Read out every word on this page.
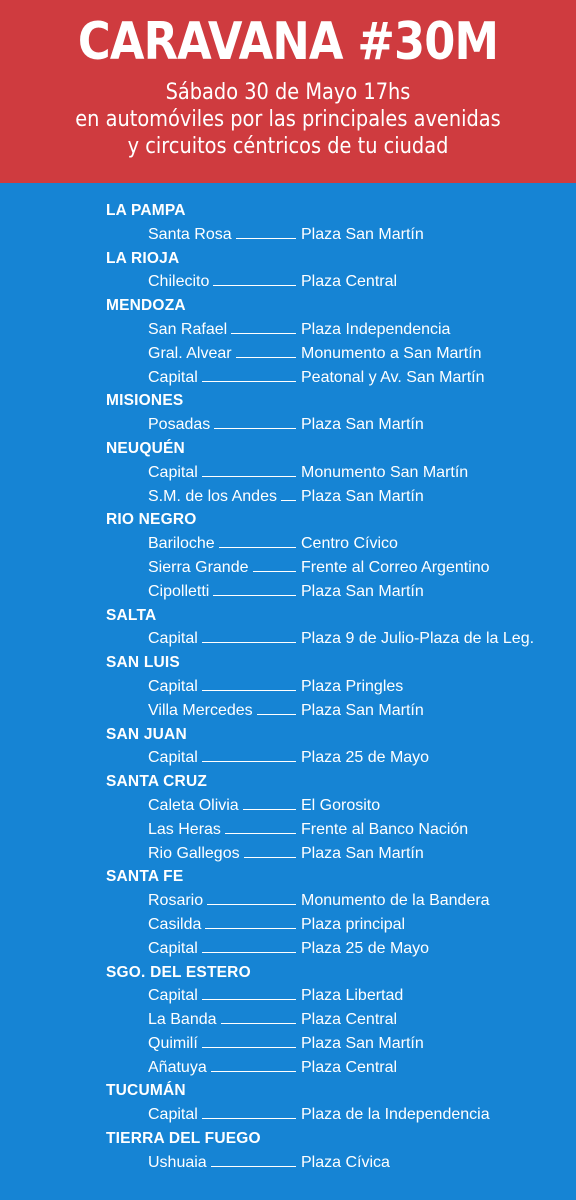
CARAVANA #30M
Sábado 30 de Mayo 17hs
en automóviles por las principales avenidas
y circuitos céntricos de tu ciudad
LA PAMPA
Santa Rosa	Plaza San Martín
LA RIOJA
Chilecito	Plaza Central
MENDOZA
San Rafael	Plaza Independencia
Gral. Alvear	Monumento a San Martín
Capital	Peatonal y Av. San Martín
MISIONES
Posadas	Plaza San Martín
NEUQUÉN
Capital	Monumento San Martín
S.M. de los Andes Plaza San Martín
RIO NEGRO
Bariloche	Centro Cívico
Sierra Grande	Frente al Correo Argentino
Cipolletti	Plaza San Martín
SALTA
Capital	Plaza 9 de Julio-Plaza de la Leg.
SAN LUIS
Capital	Plaza Pringles
Villa Mercedes	Plaza San Martín
SAN JUAN
Capital	Plaza 25 de Mayo
SANTA CRUZ
Caleta Olivia	El Gorosito
Las Heras	Frente al Banco Nación
Rio Gallegos	Plaza San Martín
SANTA FE
Rosario	Monumento de la Bandera
Casilda	Plaza principal
Capital	Plaza 25 de Mayo
SGO. DEL ESTERO
Capital	Plaza Libertad
La Banda	Plaza Central
Quimilí	Plaza San Martín
Añatuya	Plaza Central
TUCUMÁN
Capital	Plaza de la Independencia
TIERRA DEL FUEGO
Ushuaia	Plaza Cívica
